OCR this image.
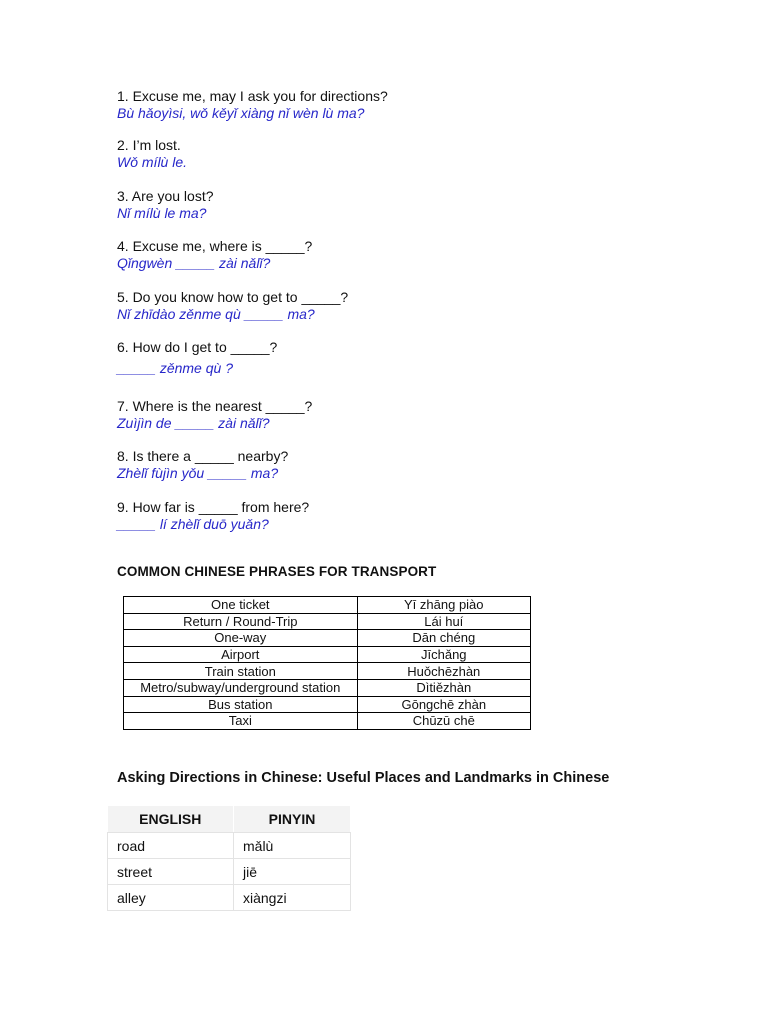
1. Excuse me, may I ask you for directions?
Bù hǎoyìsi, wǒ kěyǐ xiàng nǐ wèn lù ma?
2. I’m lost.
Wǒ mílù le.
3. Are you lost?
Nǐ mílù le ma?
4. Excuse me, where is _____?
Qǐngwèn _____ zài nǎlǐ?
5. Do you know how to get to _____?
Nǐ zhīdào zěnme qù _____ ma?
6. How do I get to _____?
_____ zěnme qù ?
7. Where is the nearest _____?
Zuìjìn de _____ zài nǎlǐ?
8. Is there a _____ nearby?
Zhèlǐ fùjìn yǒu _____ ma?
9. How far is _____ from here?
_____ lí zhèlǐ duō yuǎn?
COMMON CHINESE PHRASES FOR TRANSPORT
One ticket	Yī zhāng piào
Return / Round-Trip	Lái huí
One-way	Dān chéng
Airport	Jīchǎng
Train station	Huǒchēzhàn
Metro/subway/underground station	Dìtiězhàn
Bus station	Gōngchē zhàn
Taxi	Chūzū chē
Asking Directions in Chinese: Useful Places and Landmarks in Chinese
ENGLISH	PINYIN
road	mǎlù
street	jiē
alley	xiàngzi
